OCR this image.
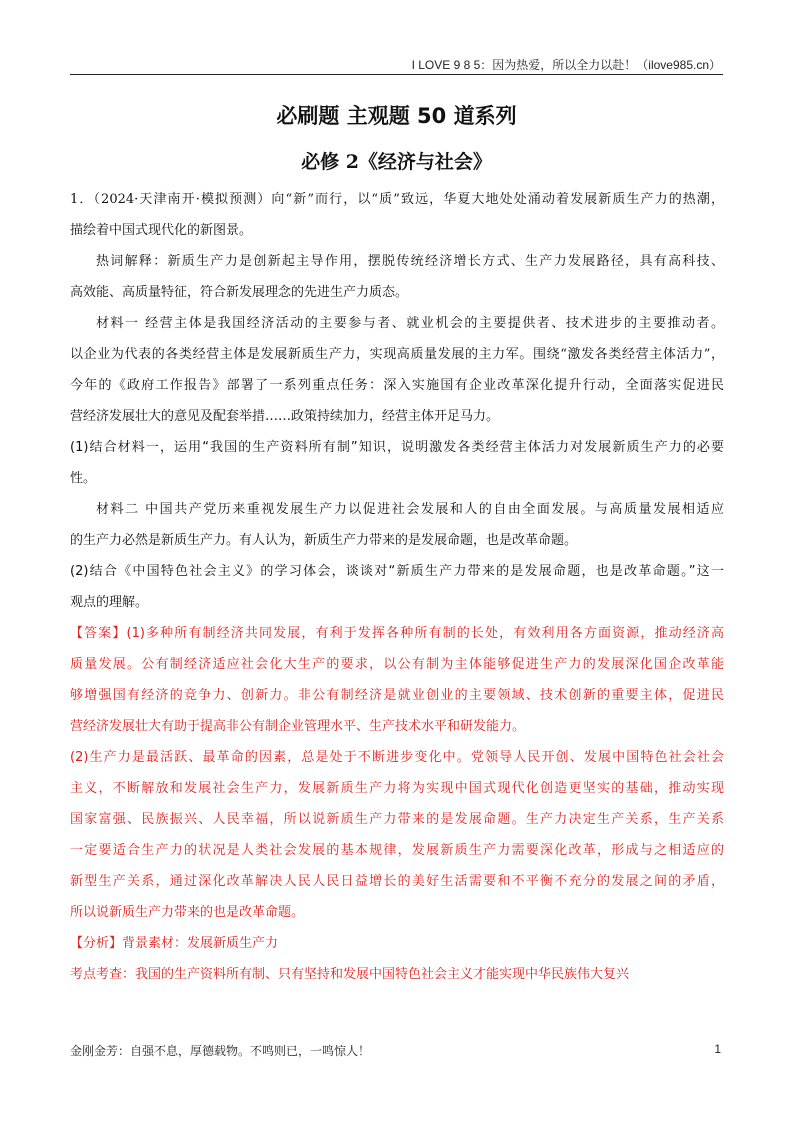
I LOVE 9 8 5：因为热爱，所以全力以赴！（ilove985.cn）
必刷题 主观题 50 道系列
必修 2《经济与社会》
1．（2024·天津南开·模拟预测）向“新”而行，以“质”致远，华夏大地处处涌动着发展新质生产力的热潮，
描绘着中国式现代化的新图景。
热词解释：新质生产力是创新起主导作用，摆脱传统经济增长方式、生产力发展路径，具有高科技、
高效能、高质量特征，符合新发展理念的先进生产力质态。
材料一 经营主体是我国经济活动的主要参与者、就业机会的主要提供者、技术进步的主要推动者。
以企业为代表的各类经营主体是发展新质生产力，实现高质量发展的主力军。围绕“激发各类经营主体活力”，
今年的《政府工作报告》部署了一系列重点任务：深入实施国有企业改革深化提升行动，全面落实促进民
营经济发展壮大的意见及配套举措……政策持续加力，经营主体开足马力。
(1)结合材料一，运用“我国的生产资料所有制”知识，说明激发各类经营主体活力对发展新质生产力的必要
性。
材料二 中国共产党历来重视发展生产力以促进社会发展和人的自由全面发展。与高质量发展相适应
的生产力必然是新质生产力。有人认为，新质生产力带来的是发展命题，也是改革命题。
(2)结合《中国特色社会主义》的学习体会，谈谈对“新质生产力带来的是发展命题，也是改革命题。”这一
观点的理解。
【答案】(1)多种所有制经济共同发展，有利于发挥各种所有制的长处，有效利用各方面资源，推动经济高
质量发展。公有制经济适应社会化大生产的要求，以公有制为主体能够促进生产力的发展深化国企改革能
够增强国有经济的竞争力、创新力。非公有制经济是就业创业的主要领域、技术创新的重要主体，促进民
营经济发展壮大有助于提高非公有制企业管理水平、生产技术水平和研发能力。
(2)生产力是最活跃、最革命的因素，总是处于不断进步变化中。党领导人民开创、发展中国特色社会社会
主义，不断解放和发展社会生产力，发展新质生产力将为实现中国式现代化创造更坚实的基础，推动实现
国家富强、民族振兴、人民幸福，所以说新质生产力带来的是发展命题。生产力决定生产关系，生产关系
一定要适合生产力的状况是人类社会发展的基本规律，发展新质生产力需要深化改革，形成与之相适应的
新型生产关系，通过深化改革解决人民人民日益增长的美好生活需要和不平衡不充分的发展之间的矛盾，
所以说新质生产力带来的也是改革命题。
【分析】背景素材：发展新质生产力
考点考查：我国的生产资料所有制、只有坚持和发展中国特色社会主义才能实现中华民族伟大复兴
金刚金芳：自强不息，厚德载物。不鸣则已，一鸣惊人！	1
